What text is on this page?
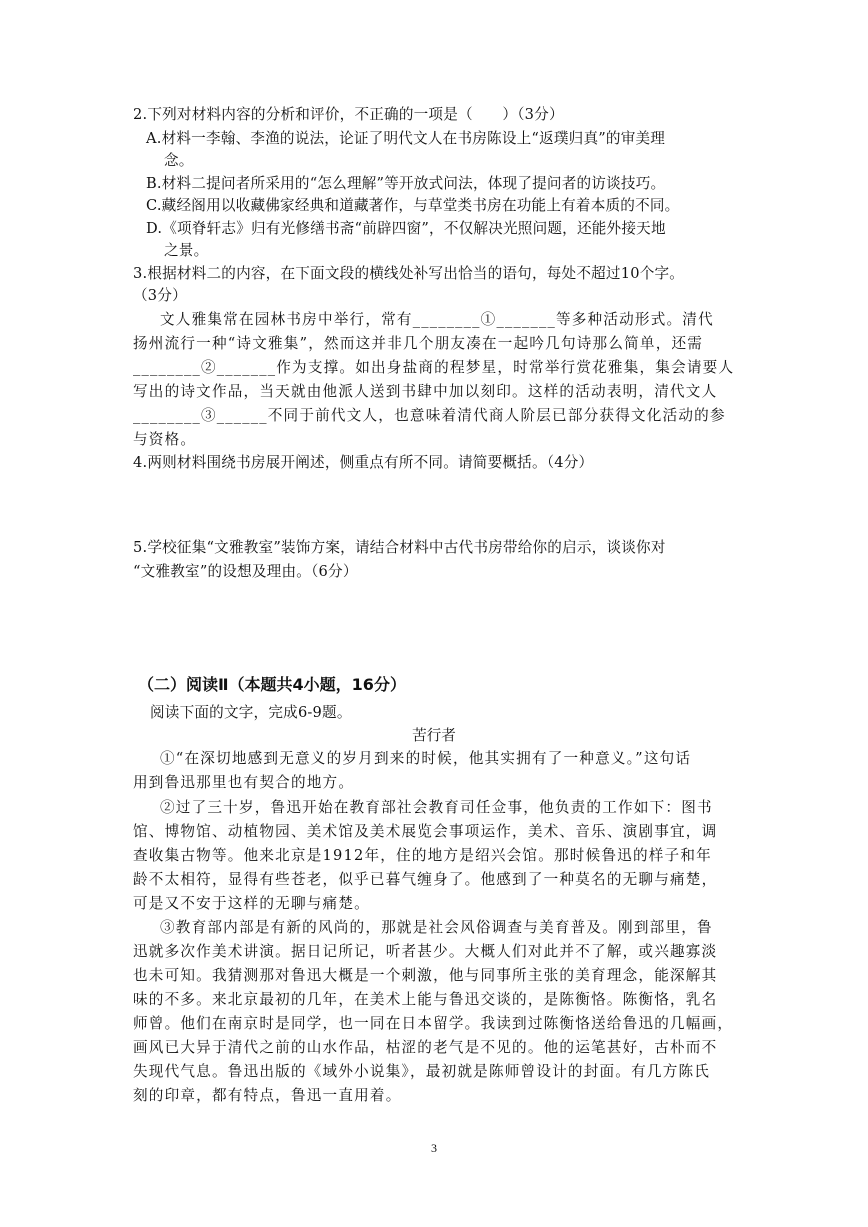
2.下列对材料内容的分析和评价，不正确的一项是（　　）（3分）
A.材料一李翰、李渔的说法，论证了明代文人在书房陈设上“返璞归真”的审美理
念。
B.材料二提问者所采用的“怎么理解”等开放式问法，体现了提问者的访谈技巧。
C.藏经阁用以收藏佛家经典和道藏著作，与草堂类书房在功能上有着本质的不同。
D.《项脊轩志》归有光修缮书斋“前辟四窗”，不仅解决光照问题，还能外接天地
之景。
3.根据材料二的内容，在下面文段的横线处补写出恰当的语句，每处不超过10个字。
（3分）
文人雅集常在园林书房中举行，常有________①_______等多种活动形式。清代
扬州流行一种“诗文雅集”，然而这并非几个朋友凑在一起吟几句诗那么简单，还需
________②_______作为支撑。如出身盐商的程梦星，时常举行赏花雅集，集会请要人
写出的诗文作品，当天就由他派人送到书肆中加以刻印。这样的活动表明，清代文人
________③______不同于前代文人，也意味着清代商人阶层已部分获得文化活动的参
与资格。
4.两则材料围绕书房展开阐述，侧重点有所不同。请简要概括。（4分）
5.学校征集“文雅教室”装饰方案，请结合材料中古代书房带给你的启示，谈谈你对
“文雅教室”的设想及理由。（6分）
（二）阅读Ⅱ（本题共4小题，16分）
阅读下面的文字，完成6-9题。
苦行者
①“在深切地感到无意义的岁月到来的时候，他其实拥有了一种意义。”这句话
用到鲁迅那里也有契合的地方。
②过了三十岁，鲁迅开始在教育部社会教育司任佥事，他负责的工作如下：图书
馆、博物馆、动植物园、美术馆及美术展览会事项运作，美术、音乐、演剧事宜，调
查收集古物等。他来北京是1912年，住的地方是绍兴会馆。那时候鲁迅的样子和年
龄不太相符，显得有些苍老，似乎已暮气缠身了。他感到了一种莫名的无聊与痛楚，
可是又不安于这样的无聊与痛楚。
③教育部内部是有新的风尚的，那就是社会风俗调查与美育普及。刚到部里，鲁
迅就多次作美术讲演。据日记所记，听者甚少。大概人们对此并不了解，或兴趣寡淡
也未可知。我猜测那对鲁迅大概是一个刺激，他与同事所主张的美育理念，能深解其
味的不多。来北京最初的几年，在美术上能与鲁迅交谈的，是陈衡恪。陈衡恪，乳名
师曾。他们在南京时是同学，也一同在日本留学。我读到过陈衡恪送给鲁迅的几幅画，
画风已大异于清代之前的山水作品，枯涩的老气是不见的。他的运笔甚好，古朴而不
失现代气息。鲁迅出版的《域外小说集》，最初就是陈师曾设计的封面。有几方陈氏
刻的印章，都有特点，鲁迅一直用着。
3
